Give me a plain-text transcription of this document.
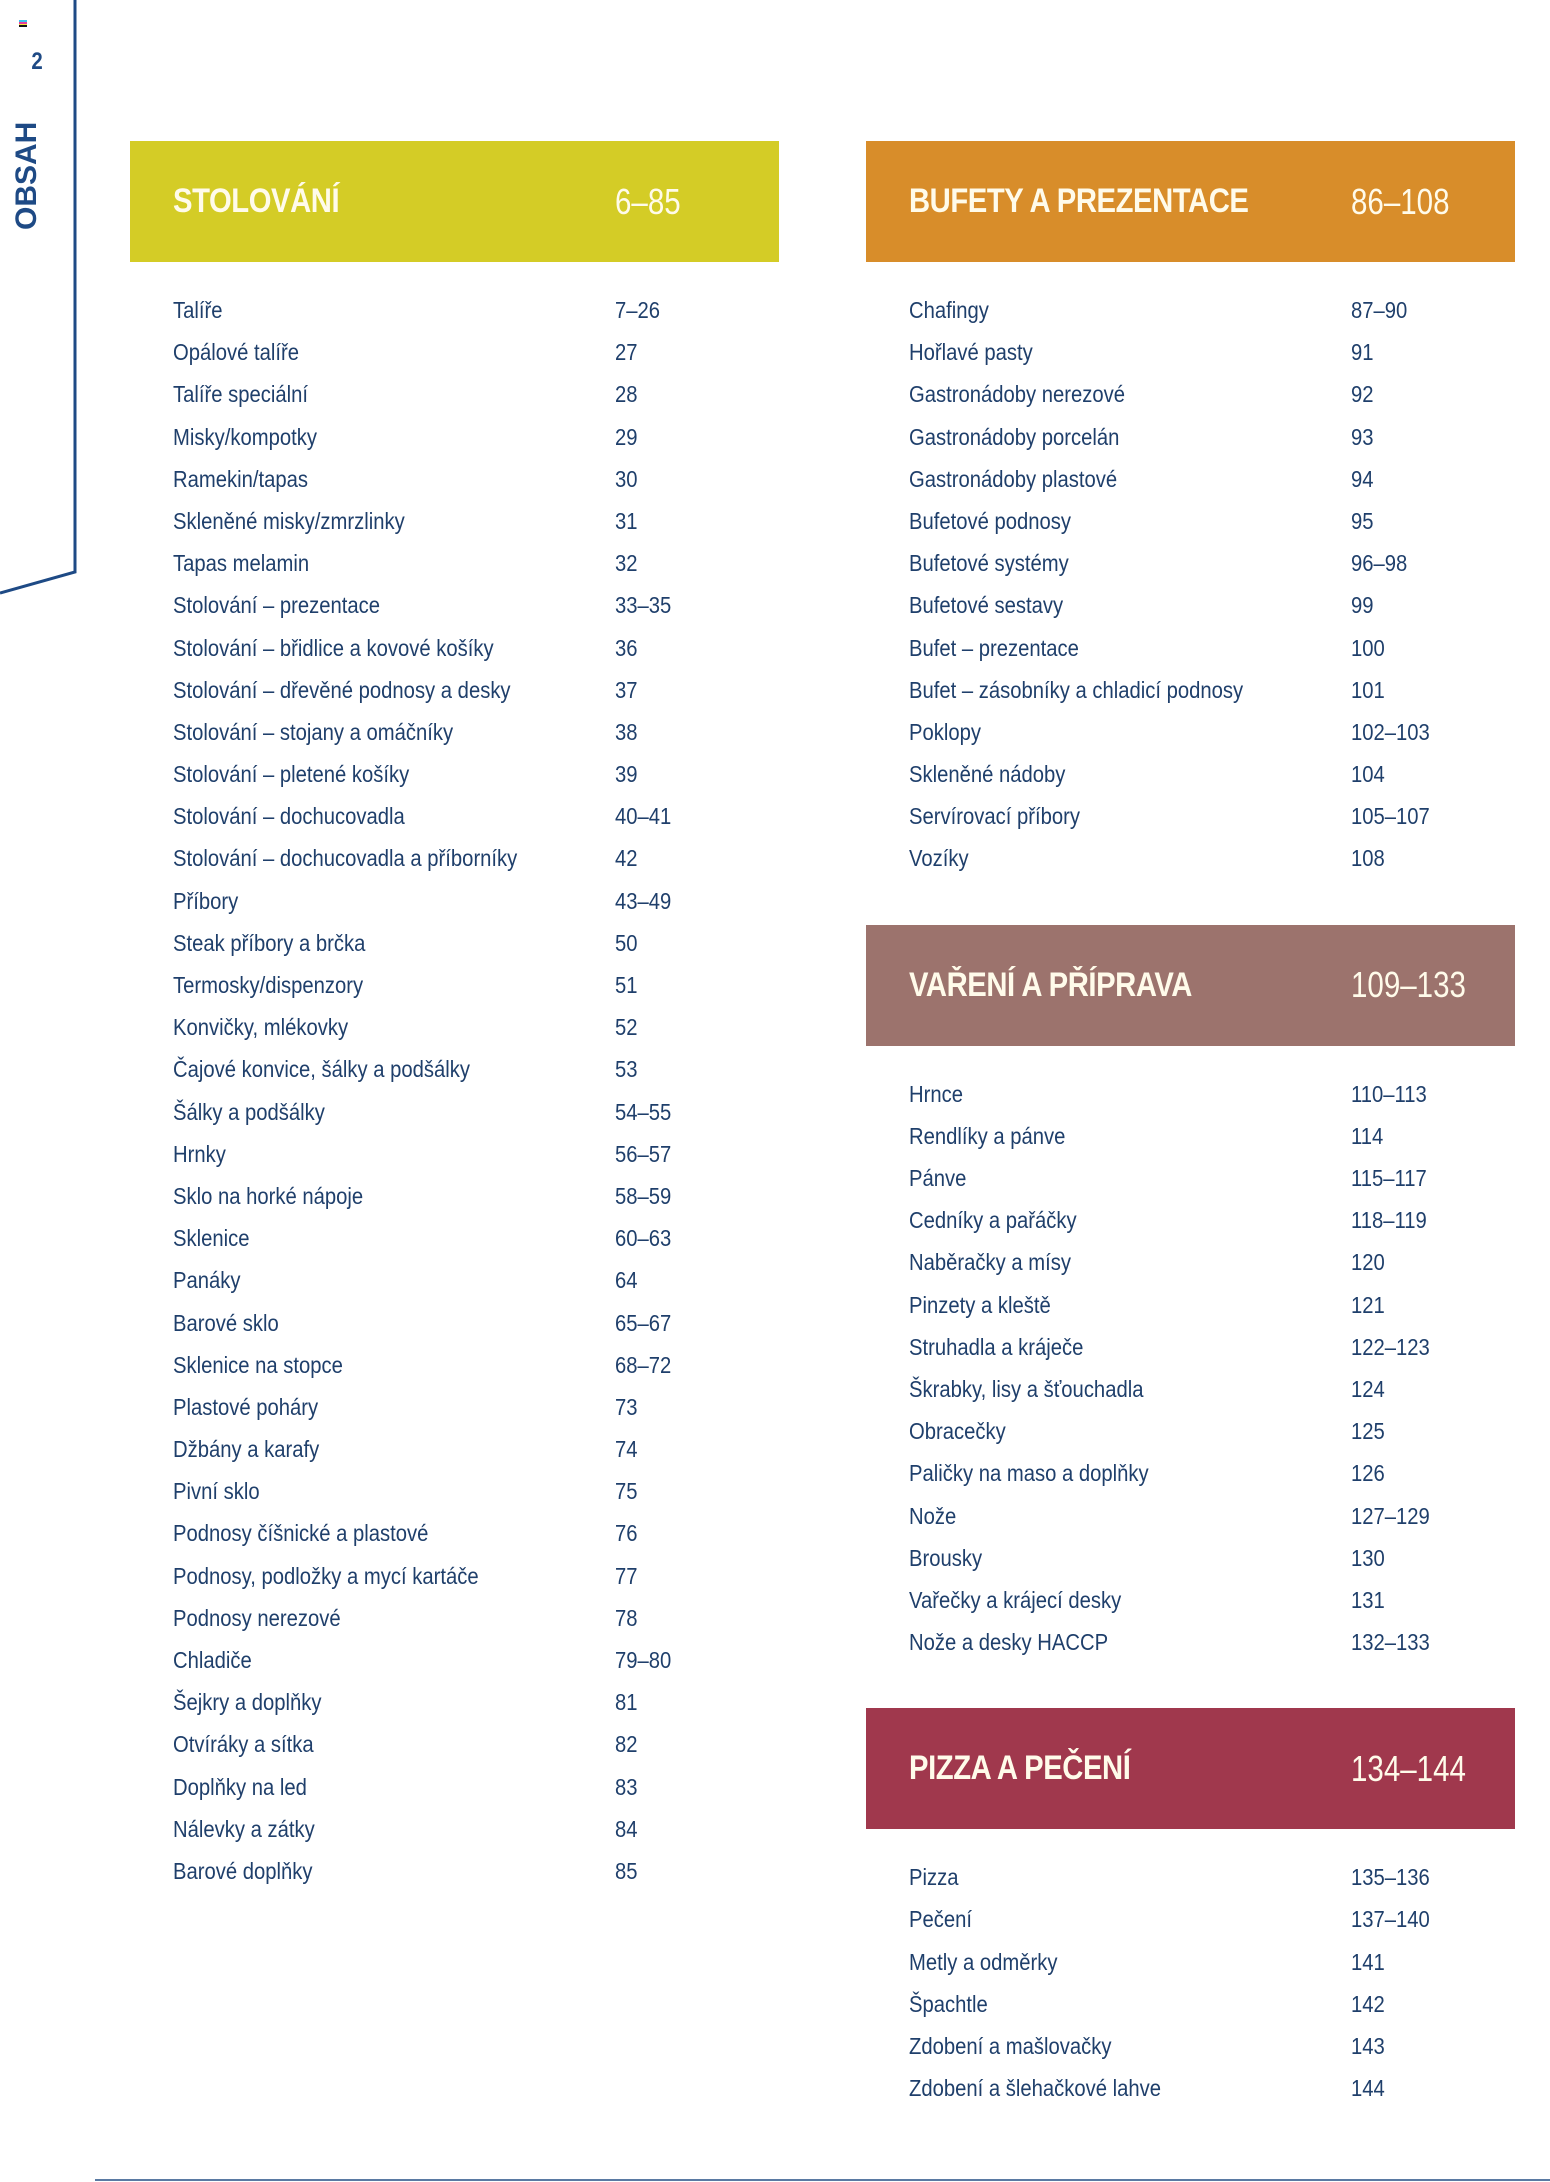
2
OBSAH	STOLOVÁNÍ	6–85
Talíře	7–26
Opálové talíře	27
Talíře speciální	28
Misky/kompotky	29
Ramekin/tapas	30
Skleněné misky/zmrzlinky	31
Tapas melamin	32
Stolování – prezentace	33–35
Stolování – břidlice a kovové košíky	36
Stolování – dřevěné podnosy a desky	37
Stolování – stojany a omáčníky	38
Stolování – pletené košíky	39
Stolování – dochucovadla	40–41
Stolování – dochucovadla a příborníky	42
Příbory	43–49
Steak příbory a brčka	50
Termosky/dispenzory	51
Konvičky, mlékovky	52
Čajové konvice, šálky a podšálky	53
Šálky a podšálky	54–55
Hrnky	56–57
Sklo na horké nápoje	58–59
Sklenice	60–63
Panáky	64
Barové sklo	65–67
Sklenice na stopce	68–72
Plastové poháry	73
Džbány a karafy	74
Pivní sklo	75
Podnosy číšnické a plastové	76
Podnosy, podložky a mycí kartáče	77
Podnosy nerezové	78
Chladiče	79–80
Šejkry a doplňky	81
Otvíráky a sítka	82
Doplňky na led	83
Nálevky a zátky	84
Barové doplňky	85
BUFETY A PREZENTACE	86–108
Chafingy	87–90
Hořlavé pasty	91
Gastronádoby nerezové	92
Gastronádoby porcelán	93
Gastronádoby plastové	94
Bufetové podnosy	95
Bufetové systémy	96–98
Bufetové sestavy	99
Bufet – prezentace	100
Bufet – zásobníky a chladicí podnosy	101
Poklopy	102–103
Skleněné nádoby	104
Servírovací příbory	105–107
Vozíky	108
VAŘENÍ A PŘÍPRAVA	109–133
Hrnce	110–113
Rendlíky a pánve	114
Pánve	115–117
Cedníky a pařáčky	118–119
Naběračky a mísy	120
Pinzety a kleště	121
Struhadla a kráječe	122–123
Škrabky, lisy a šťouchadla	124
Obracečky	125
Paličky na maso a doplňky	126
Nože	127–129
Brousky	130
Vařečky a krájecí desky	131
Nože a desky HACCP	132–133
PIZZA A PEČENÍ	134–144
Pizza	135–136
Pečení	137–140
Metly a odměrky	141
Špachtle	142
Zdobení a mašlovačky	143
Zdobení a šlehačkové lahve	144
